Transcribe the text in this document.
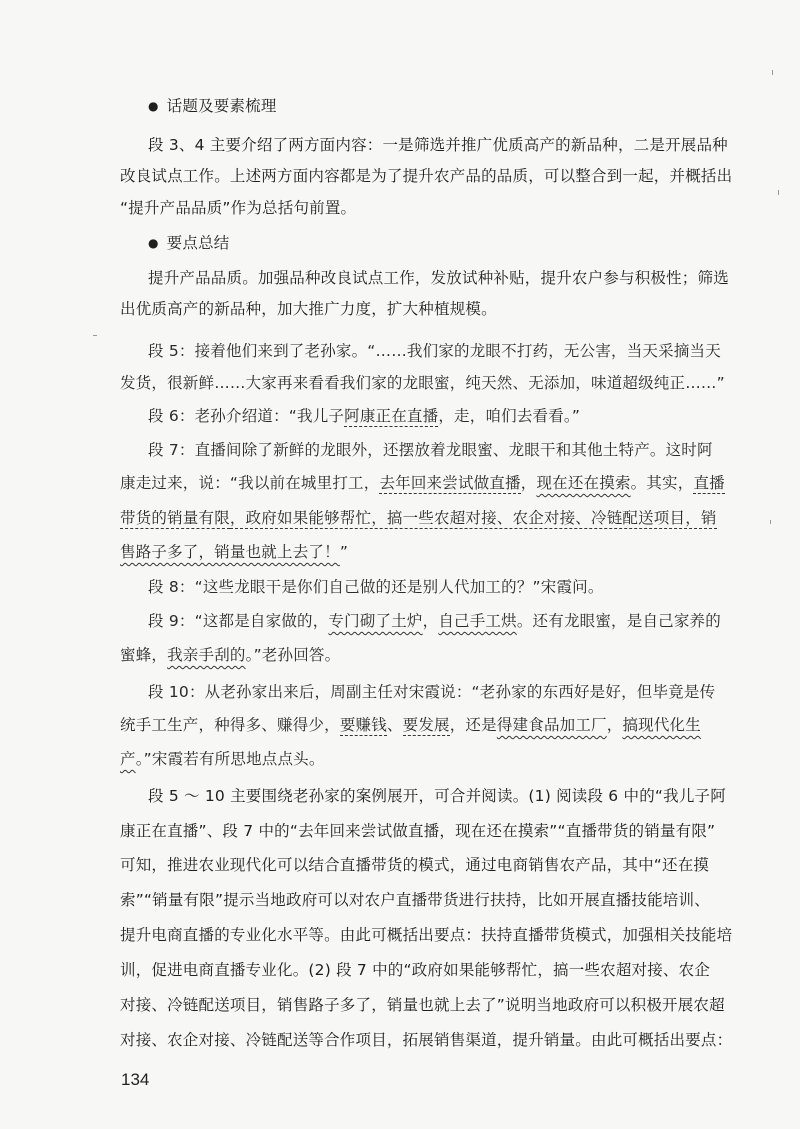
● 话题及要素梳理
段 3、4 主要介绍了两方面内容：一是筛选并推广优质高产的新品种，二是开展品种
改良试点工作。上述两方面内容都是为了提升农产品的品质，可以整合到一起，并概括出
“提升产品品质”作为总括句前置。
● 要点总结
提升产品品质。加强品种改良试点工作，发放试种补贴，提升农户参与积极性；筛选
出优质高产的新品种，加大推广力度，扩大种植规模。
段 5：接着他们来到了老孙家。“……我们家的龙眼不打药，无公害，当天采摘当天
发货，很新鲜……大家再来看看我们家的龙眼蜜，纯天然、无添加，味道超级纯正……”
段 6：老孙介绍道：“我儿子阿康正在直播，走，咱们去看看。”
段 7：直播间除了新鲜的龙眼外，还摆放着龙眼蜜、龙眼干和其他土特产。这时阿
康走过来，说：“我以前在城里打工，去年回来尝试做直播，现在还在摸索。其实，直播
带货的销量有限，政府如果能够帮忙，搞一些农超对接、农企对接、冷链配送项目，销
售路子多了，销量也就上去了！”
段 8：“这些龙眼干是你们自己做的还是别人代加工的？”宋霞问。
段 9：“这都是自家做的，专门砌了土炉，自己手工烘。还有龙眼蜜，是自己家养的
蜜蜂，我亲手刮的。”老孙回答。
段 10：从老孙家出来后，周副主任对宋霞说：“老孙家的东西好是好，但毕竟是传
统手工生产，种得多、赚得少，要赚钱、要发展，还是得建食品加工厂，搞现代化生
产。”宋霞若有所思地点点头。
段 5 ～ 10 主要围绕老孙家的案例展开，可合并阅读。(1) 阅读段 6 中的“我儿子阿
康正在直播”、段 7 中的“去年回来尝试做直播，现在还在摸索”“直播带货的销量有限”
可知，推进农业现代化可以结合直播带货的模式，通过电商销售农产品，其中“还在摸
索”“销量有限”提示当地政府可以对农户直播带货进行扶持，比如开展直播技能培训、
提升电商直播的专业化水平等。由此可概括出要点：扶持直播带货模式，加强相关技能培
训，促进电商直播专业化。(2) 段 7 中的“政府如果能够帮忙，搞一些农超对接、农企
对接、冷链配送项目，销售路子多了，销量也就上去了”说明当地政府可以积极开展农超
对接、农企对接、冷链配送等合作项目，拓展销售渠道，提升销量。由此可概括出要点：
134
